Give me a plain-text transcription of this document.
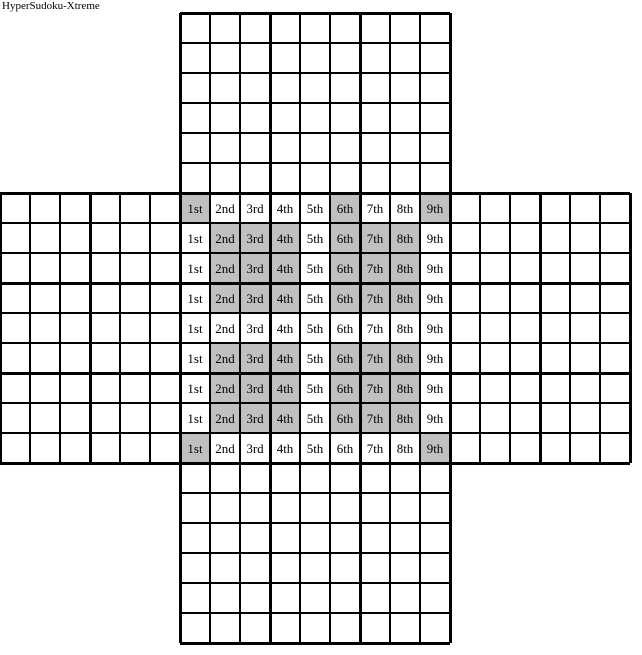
HyperSudoku-Xtreme
1st 2nd 3rd	4th	5th	6th	7th	8th	9th
1st 2nd 3rd	4th	5th	6th	7th	8th	9th
1st 2nd 3rd	4th	5th	6th	7th	8th	9th
1st 2nd 3rd	4th	5th	6th	7th	8th	9th
1st 2nd 3rd	4th	5th	6th	7th	8th	9th
1st 2nd 3rd	4th	5th	6th	7th	8th	9th
1st 2nd 3rd	4th	5th	6th	7th	8th	9th
1st 2nd 3rd	4th	5th	6th	7th	8th	9th
1st 2nd 3rd	4th	5th	6th	7th	8th	9th
